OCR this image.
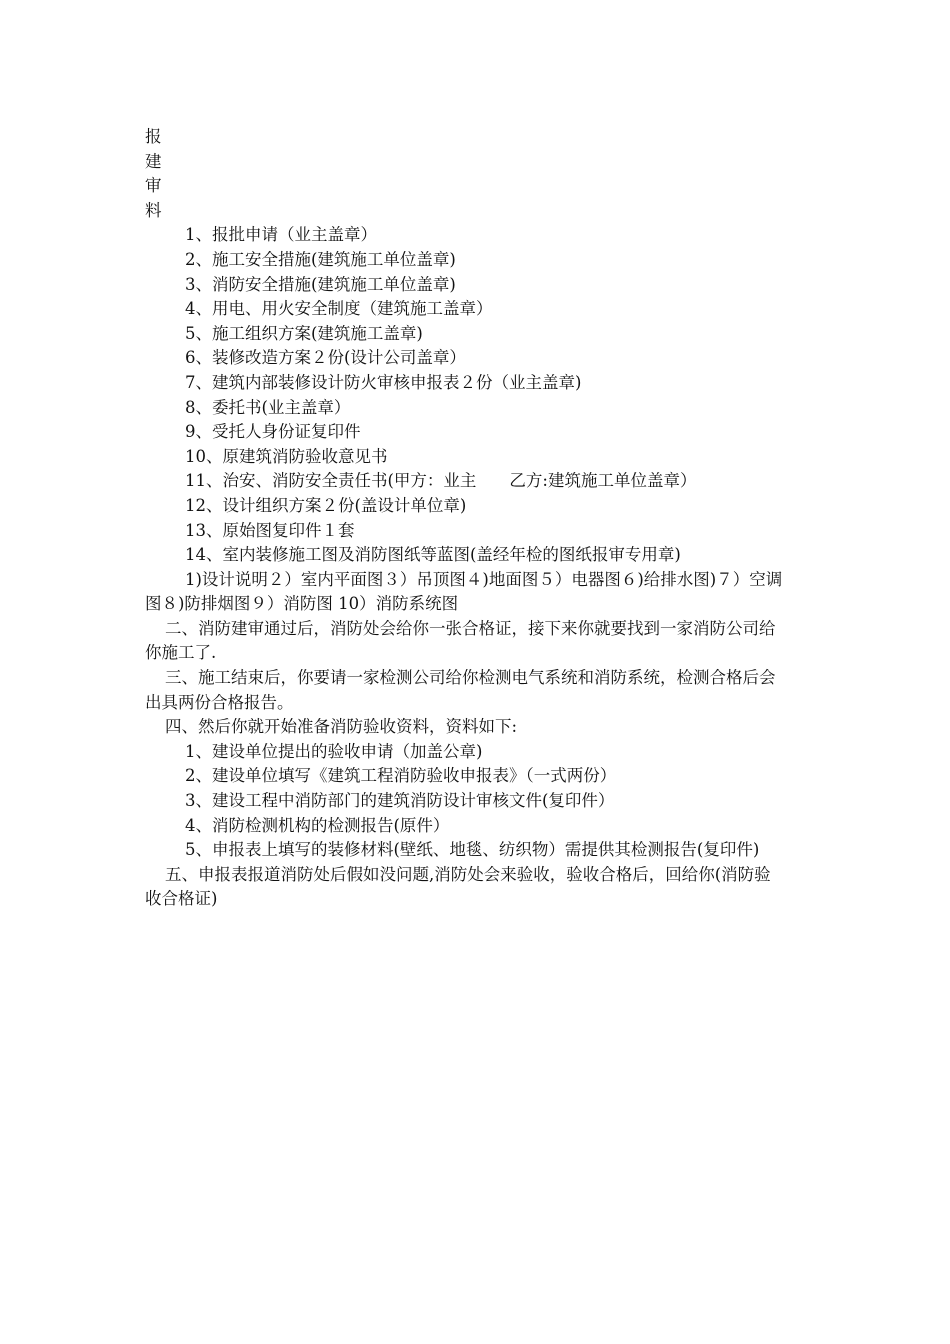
报
建
审
料

1、报批申请（业主盖章）

2、施工安全措施(建筑施工单位盖章)

3、消防安全措施(建筑施工单位盖章)

4、用电、用火安全制度（建筑施工盖章）

5、施工组织方案(建筑施工盖章)

6、装修改造方案２份(设计公司盖章）

7、建筑内部装修设计防火审核申报表２份（业主盖章)

8、委托书(业主盖章）

9、受托人身份证复印件

10、原建筑消防验收意见书

11、治安、消防安全责任书(甲方：业主　　乙方:建筑施工单位盖章）

12、设计组织方案２份(盖设计单位章)

13、原始图复印件１套

14、室内装修施工图及消防图纸等蓝图(盖经年检的图纸报审专用章)

1)设计说明２）室内平面图３）吊顶图４)地面图５）电器图６)给排水图)７）空调图８)防排烟图９）消防图 10）消防系统图

二、消防建审通过后，消防处会给你一张合格证，接下来你就要找到一家消防公司给你施工了.

三、施工结束后，你要请一家检测公司给你检测电气系统和消防系统，检测合格后会出具两份合格报告。

四、然后你就开始准备消防验收资料，资料如下:

1、建设单位提出的验收申请（加盖公章)

2、建设单位填写《建筑工程消防验收申报表》（一式两份）

3、建设工程中消防部门的建筑消防设计审核文件(复印件）

4、消防检测机构的检测报告(原件）

5、申报表上填写的装修材料(壁纸、地毯、纺织物）需提供其检测报告(复印件)

五、申报表报道消防处后假如没问题,消防处会来验收，验收合格后，回给你(消防验收合格证)
